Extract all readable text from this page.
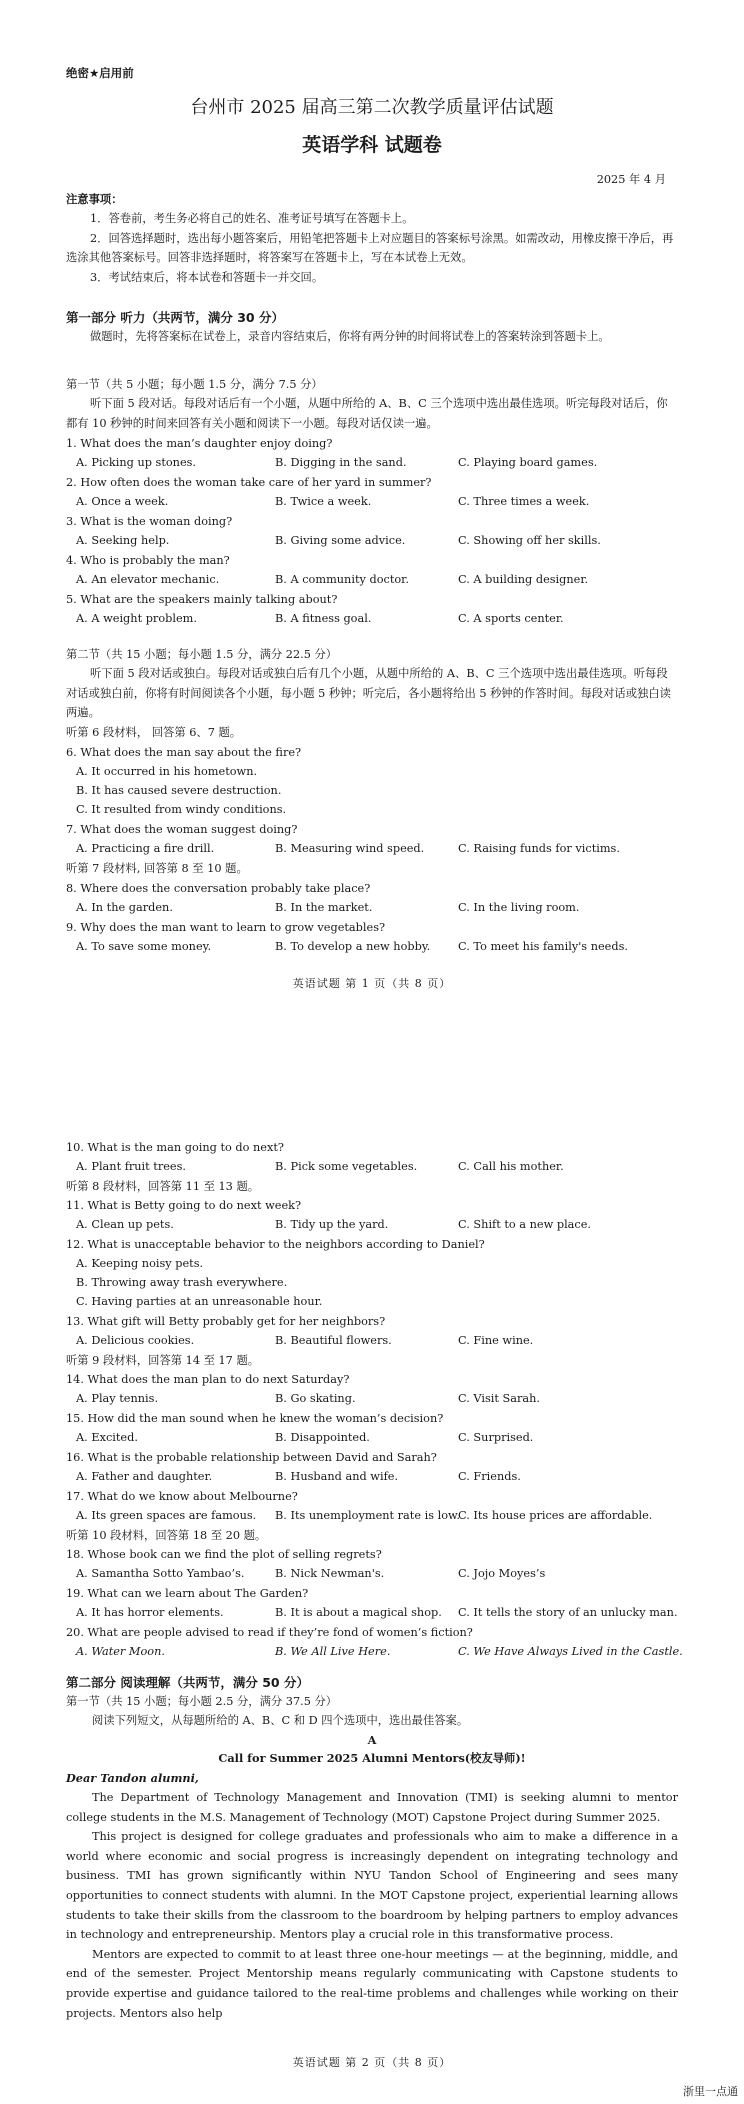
绝密★启用前
台州市 2025 届高三第二次教学质量评估试题
英语学科 试题卷
2025 年 4 月
注意事项：

1．答卷前，考生务必将自己的姓名、准考证号填写在答题卡上。

2．回答选择题时，选出每小题答案后，用铅笔把答题卡上对应题目的答案标号涂黑。如需改动，用橡皮擦干净后，再选涂其他答案标号。回答非选择题时，将答案写在答题卡上，写在本试卷上无效。

3．考试结束后，将本试卷和答题卡一并交回。

第一部分 听力（共两节，满分 30 分）

做题时，先将答案标在试卷上，录音内容结束后，你将有两分钟的时间将试卷上的答案转涂到答题卡上。

第一节（共 5 小题；每小题 1.5 分，满分 7.5 分）

听下面 5 段对话。每段对话后有一个小题，从题中所给的 A、B、C 三个选项中选出最佳选项。听完每段对话后，你都有 10 秒钟的时间来回答有关小题和阅读下一小题。每段对话仅读一遍。

1. What does the man’s daughter enjoy doing?
A. Picking up stones.	B. Digging in the sand.	C. Playing board games.
2. How often does the woman take care of her yard in summer?
A. Once a week.	B. Twice a week.	C. Three times a week.
3. What is the woman doing?
A. Seeking help.	B. Giving some advice.	C. Showing off her skills.
4. Who is probably the man?
A. An elevator mechanic.	B. A community doctor.	C. A building designer.
5. What are the speakers mainly talking about?
A. A weight problem.	B. A fitness goal.	C. A sports center.
第二节（共 15 小题；每小题 1.5 分，满分 22.5 分）

听下面 5 段对话或独白。每段对话或独白后有几个小题，从题中所给的 A、B、C 三个选项中选出最佳选项。听每段对话或独白前，你将有时间阅读各个小题，每小题 5 秒钟；听完后，各小题将给出 5 秒钟的作答时间。每段对话或独白读两遍。

听第 6 段材料， 回答第 6、7 题。
6. What does the man say about the fire?
A. It occurred in his hometown.
B. It has caused severe destruction.
C. It resulted from windy conditions.
7. What does the woman suggest doing?
A. Practicing a fire drill.	B. Measuring wind speed.	C. Raising funds for victims.
听第 7 段材料, 回答第 8 至 10 题。
8. Where does the conversation probably take place?
A. In the garden.	B. In the market.	C. In the living room.
9. Why does the man want to learn to grow vegetables?
A. To save some money.	B. To develop a new hobby. C. To meet his family's needs.
英语试题 第 1 页（共 8 页）
10. What is the man going to do next?
A. Plant fruit trees.	B. Pick some vegetables.	C. Call his mother.
听第 8 段材料，回答第 11 至 13 题。
11. What is Betty going to do next week?
A. Clean up pets.	B. Tidy up the yard.	C. Shift to a new place.
12. What is unacceptable behavior to the neighbors according to Daniel?
A. Keeping noisy pets.
B. Throwing away trash everywhere.
C. Having parties at an unreasonable hour.
13. What gift will Betty probably get for her neighbors?
A. Delicious cookies.	B. Beautiful flowers.	C. Fine wine.
听第 9 段材料，回答第 14 至 17 题。
14. What does the man plan to do next Saturday?
A. Play tennis.	B. Go skating.	C. Visit Sarah.
15. How did the man sound when he knew the woman’s decision?
A. Excited.	B. Disappointed.	C. Surprised.
16. What is the probable relationship between David and Sarah?
A. Father and daughter.	B. Husband and wife.	C. Friends.
17. What do we know about Melbourne?
A. Its green spaces are famous. B. Its unemployment rate is low.
C. Its house prices are affordable.
听第 10 段材料，回答第 18 至 20 题。
18. Whose book can we find the plot of selling regrets?
A. Samantha Sotto Yambao’s.	B. Nick Newman's.	C. Jojo Moyes’s
19. What can we learn about The Garden?
A. It has horror elements.	B. It is about a magical shop. C. It tells the story of an unlucky man.
20. What are people advised to read if they’re fond of women’s fiction?
A. Water Moon.	B. We All Live Here.	C. We Have Always Lived in the Castle.
第二部分 阅读理解（共两节，满分 50 分）
第一节（共 15 小题；每小题 2.5 分，满分 37.5 分）
阅读下列短文，从每题所给的 A、B、C 和 D 四个选项中，选出最佳答案。
A
Call for Summer 2025 Alumni Mentors(校友导师)!
Dear Tandon alumni,

The Department of Technology Management and Innovation (TMI) is seeking alumni to mentor college students in the M.S. Management of Technology (MOT) Capstone Project during Summer 2025.

This project is designed for college graduates and professionals who aim to make a difference in a world where economic and social progress is increasingly dependent on integrating technology and business. TMI has grown significantly within NYU Tandon School of Engineering and sees many opportunities to connect students with alumni. In the MOT Capstone project, experiential learning allows students to take their skills from the classroom to the boardroom by helping partners to employ advances in technology and entrepreneurship. Mentors play a crucial role in this transformative process.

Mentors are expected to commit to at least three one-hour meetings — at the beginning, middle, and end of the semester. Project Mentorship means regularly communicating with Capstone students to provide expertise and guidance tailored to the real-time problems and challenges while working on their projects. Mentors also help

英语试题 第 2 页（共 8 页）
浙里一点通
